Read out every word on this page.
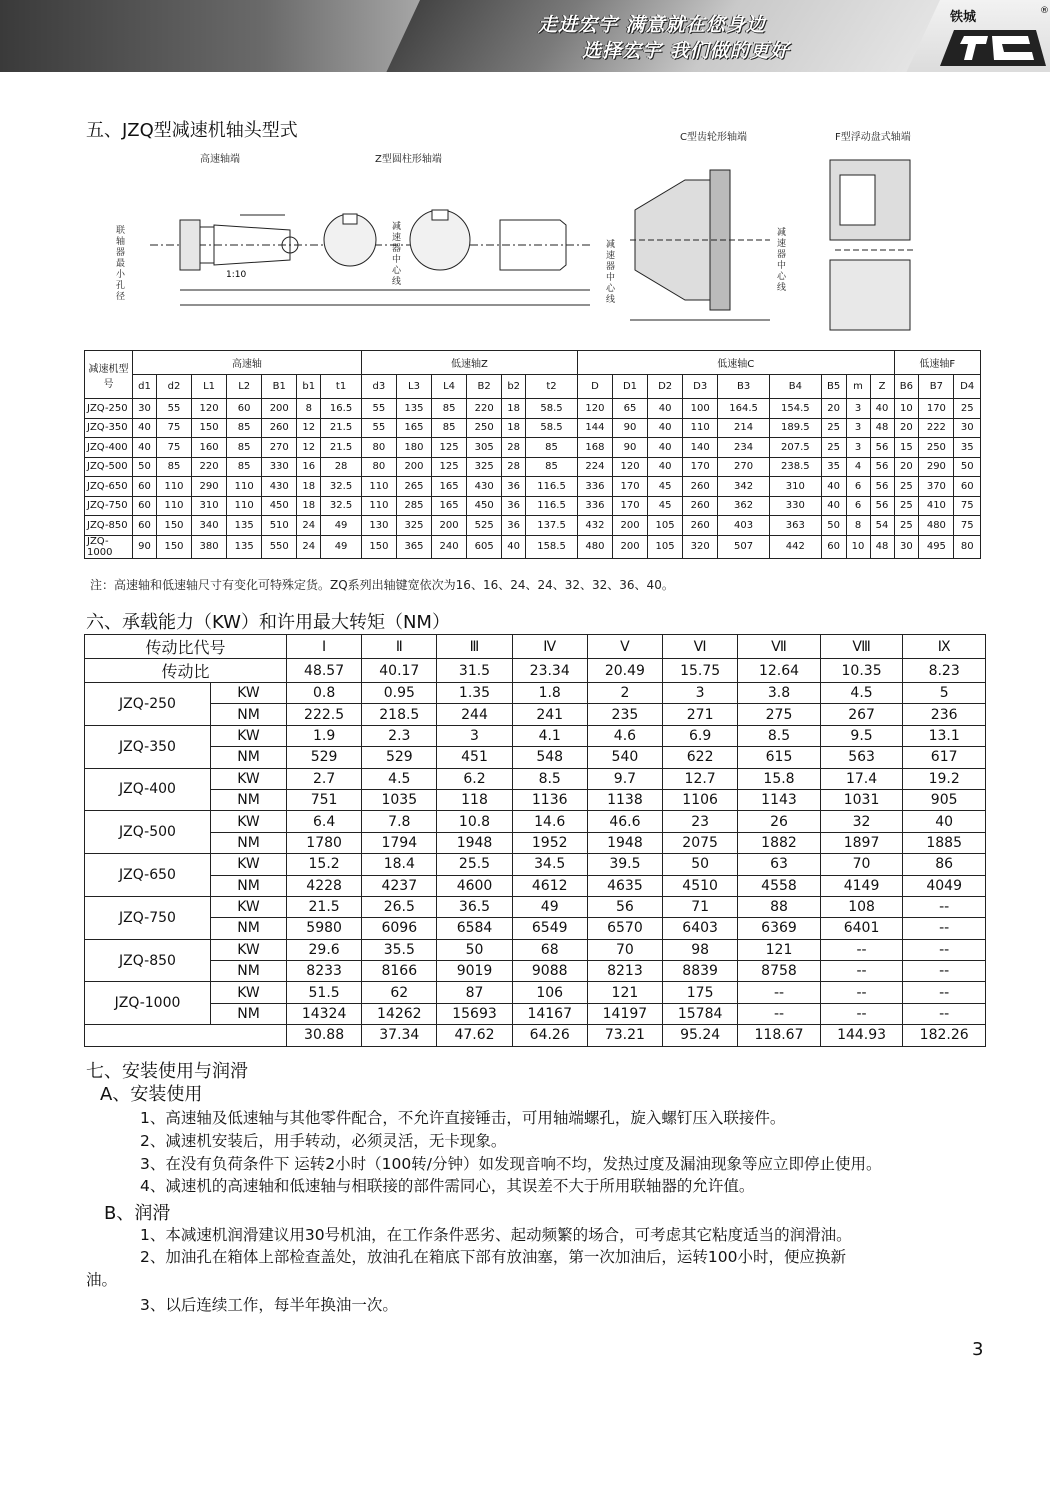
走进宏宇 满意就在您身边
选择宏宇 我们做的更好
®
铁城
五、JZQ型减速机轴头型式
高速轴端	Z型圆柱形轴端
C型齿轮形轴端	F型浮动盘式轴端
1:10
联轴器最小孔径
减速器中心线
减速器中心线
减速器中心线
减速机型号	高速轴							低速轴Z						低速轴C									低速轴F		
	d1	d2	L1	L2	B1	b1	t1	d3	L3	L4	B2	b2	t2	D	D1	D2	D3	B3	B4	B5	m	Z	B6	B7	D4
JZQ-250	30	55	120	60	200	8	16.5	55	135	85	220	18	58.5	120	65	40	100	164.5	154.5	20	3	40	10	170	25
JZQ-350	40	75	150	85	260	12	21.5	55	165	85	250	18	58.5	144	90	40	110	214	189.5	25	3	48	20	222	30
JZQ-400	40	75	160	85	270	12	21.5	80	180	125	305	28	85	168	90	40	140	234	207.5	25	3	56	15	250	35
JZQ-500	50	85	220	85	330	16	28	80	200	125	325	28	85	224	120	40	170	270	238.5	35	4	56	20	290	50
JZQ-650	60	110	290	110	430	18	32.5	110	265	165	430	36	116.5	336	170	45	260	342	310	40	6	56	25	370	60
JZQ-750	60	110	310	110	450	18	32.5	110	285	165	450	36	116.5	336	170	45	260	362	330	40	6	56	25	410	75
JZQ-850	60	150	340	135	510	24	49	130	325	200	525	36	137.5	432	200	105	260	403	363	50	8	54	25	480	75
JZQ-1000	90	150	380	135	550	24	49	150	365	240	605	40	158.5	480	200	105	320	507	442	60	10	48	30	495	80
注：高速轴和低速轴尺寸有变化可特殊定货。ZQ系列出轴键宽依次为16、16、24、24、32、32、36、40。
六、承载能力（KW）和许用最大转矩（NM）
传动比代号		Ⅰ	Ⅱ	Ⅲ	Ⅳ	Ⅴ	Ⅵ	Ⅶ	Ⅷ	Ⅸ
传动比		48.57	40.17	31.5	23.34	20.49	15.75	12.64	10.35	8.23
JZQ-250	KW	0.8	0.95	1.35	1.8	2	3	3.8	4.5	5
	NM	222.5	218.5	244	241	235	271	275	267	236
JZQ-350	KW	1.9	2.3	3	4.1	4.6	6.9	8.5	9.5	13.1
	NM	529	529	451	548	540	622	615	563	617
JZQ-400	KW	2.7	4.5	6.2	8.5	9.7	12.7	15.8	17.4	19.2
	NM	751	1035	118	1136	1138	1106	1143	1031	905
JZQ-500	KW	6.4	7.8	10.8	14.6	46.6	23	26	32	40
	NM	1780	1794	1948	1952	1948	2075	1882	1897	1885
JZQ-650	KW	15.2	18.4	25.5	34.5	39.5	50	63	70	86
	NM	4228	4237	4600	4612	4635	4510	4558	4149	4049
JZQ-750	KW	21.5	26.5	36.5	49	56	71	88	108	--
	NM	5980	6096	6584	6549	6570	6403	6369	6401	--
JZQ-850	KW	29.6	35.5	50	68	70	98	121	--	--
	NM	8233	8166	9019	9088	8213	8839	8758	--	--
JZQ-1000	KW	51.5	62	87	106	121	175	--	--	--
	NM	14324	14262	15693	14167	14197	15784	--	--	--
		30.88	37.34	47.62	64.26	73.21	95.24	118.67	144.93	182.26
七、安装使用与润滑
A、安装使用
1、高速轴及低速轴与其他零件配合，不允许直接锤击，可用轴端螺孔，旋入螺钉压入联接件。
2、减速机安装后，用手转动，必须灵活，无卡现象。
3、在没有负荷条件下 运转2小时（100转/分钟）如发现音响不均，发热过度及漏油现象等应立即停止使用。
4、减速机的高速轴和低速轴与相联接的部件需同心，其误差不大于所用联轴器的允许值。
B、润滑
1、本减速机润滑建议用30号机油，在工作条件恶劣、起动频繁的场合，可考虑其它粘度适当的润滑油。
2、加油孔在箱体上部检查盖处，放油孔在箱底下部有放油塞，第一次加油后，运转100小时，便应换新
油。
3、以后连续工作，每半年换油一次。
3
